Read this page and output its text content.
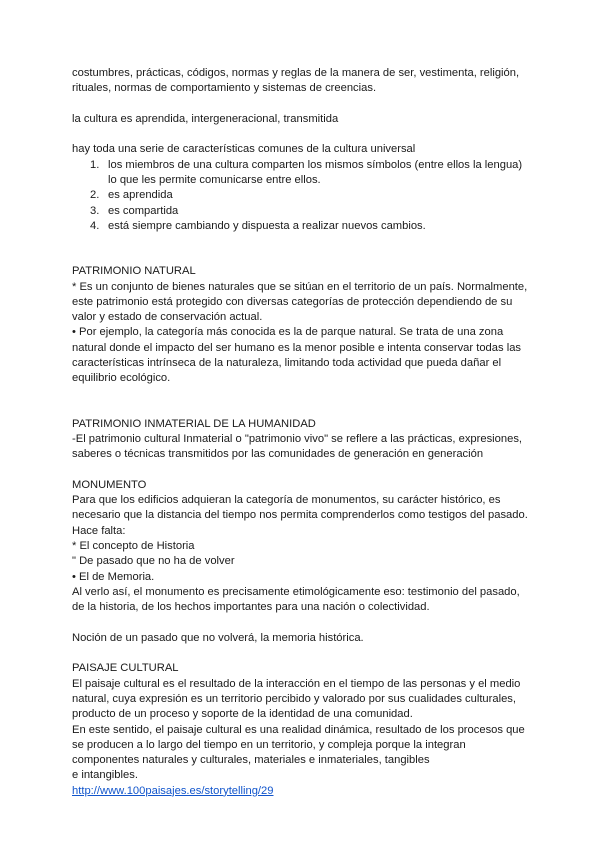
costumbres, prácticas, códigos, normas y reglas de la manera de ser, vestimenta, religión,
rituales, normas de comportamiento y sistemas de creencias.
la cultura es aprendida, intergeneracional, transmitida
hay toda una serie de características comunes de la cultura universal
1. los miembros de una cultura comparten los mismos símbolos (entre ellos la lengua)
lo que les permite comunicarse entre ellos.
2. es aprendida
3. es compartida
4. está siempre cambiando y dispuesta a realizar nuevos cambios.
PATRIMONIO NATURAL
* Es un conjunto de bienes naturales que se sitúan en el territorio de un país. Normalmente,
este patrimonio está protegido con diversas categorías de protección dependiendo de su
valor y estado de conservación actual.
• Por ejemplo, la categoría más conocida es la de parque natural. Se trata de una zona
natural donde el impacto del ser humano es la menor posible e intenta conservar todas las
características intrínseca de la naturaleza, limitando toda actividad que pueda dañar el
equilibrio ecológico.
PATRIMONIO INMATERIAL DE LA HUMANIDAD
-El patrimonio cultural Inmaterial o "patrimonio vivo" se reflere a las prácticas, expresiones,
saberes o técnicas transmitidos por las comunidades de generación en generación
MONUMENTO
Para que los edificios adquieran la categoría de monumentos, su carácter histórico, es
necesario que la distancia del tiempo nos permita comprenderlos como testigos del pasado.
Hace falta:
* El concepto de Historia
" De pasado que no ha de volver
• El de Memoria.
Al verlo así, el monumento es precisamente etimológicamente eso: testimonio del pasado,
de la historia, de los hechos importantes para una nación o colectividad.
Noción de un pasado que no volverá, la memoria histórica.
PAISAJE CULTURAL
El paisaje cultural es el resultado de la interacción en el tiempo de las personas y el medio
natural, cuya expresión es un territorio percibido y valorado por sus cualidades culturales,
producto de un proceso y soporte de la identidad de una comunidad.
En este sentido, el paisaje cultural es una realidad dinámica, resultado de los procesos que
se producen a lo largo del tiempo en un territorio, y compleja porque la integran
componentes naturales y culturales, materiales e inmateriales, tangibles
e intangibles.
http://www.100paisajes.es/storytelling/29
